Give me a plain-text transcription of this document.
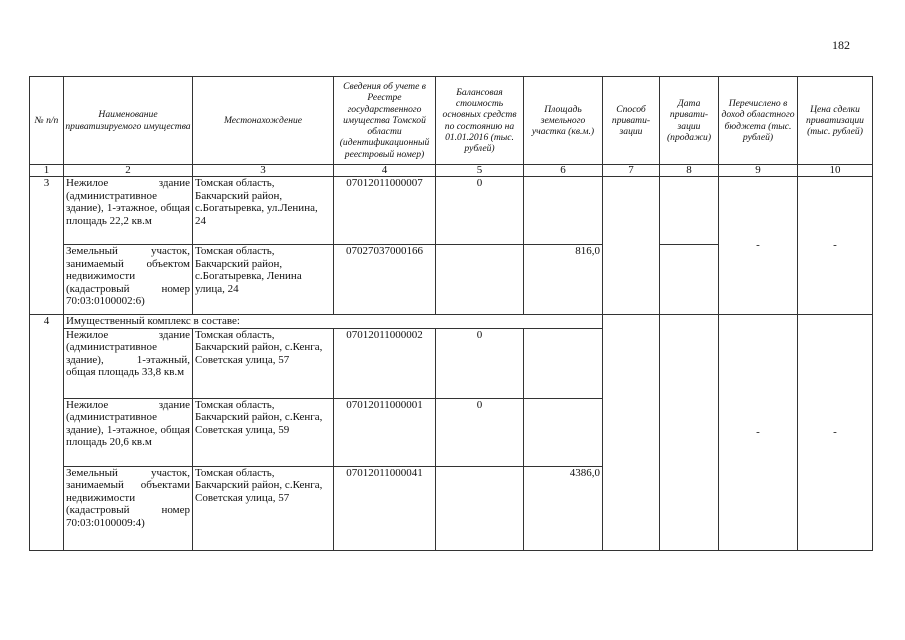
182
№ п/п	Наименование приватизируемого имущества	Местонахождение	Сведения об учете в Реестре государственного имущества Томской области (идентификационный реестровый номер)	Балансовая стоимость основных средств по состоянию на 01.01.2016 (тыс. рублей)	Площадь земельного участка (кв.м.)	Способ привати-зации	Дата привати-зации (продажи)	Перечислено в доход областного бюджета (тыс. рублей)	Цена сделки приватизации (тыс. рублей)
1	2	3	4	5	6	7	8	9	10
3	Нежилое здание (административное здание), 1-этажное, общая площадь 22,2 кв.м	Томская область, Бакчарский район, с.Богатыревка, ул.Ленина, 24	07012011000007	0				-	-
	Земельный участок, занимаемый объектом недвижимости (кадастровый номер 70:03:0100002:6)	Томская область, Бакчарский район, с.Богатыревка, Ленина улица, 24	07027037000166		816,0				
4	Имущественный комплекс в составе:							-	-
	Нежилое здание (административное здание), 1-этажный, общая площадь 33,8 кв.м	Томская область, Бакчарский район, с.Кенга, Советская улица, 57	07012011000002	0					
	Нежилое здание (административное здание), 1-этажное, общая площадь 20,6 кв.м	Томская область, Бакчарский район, с.Кенга, Советская улица, 59	07012011000001	0					
	Земельный участок, занимаемый объектами недвижимости (кадастровый номер 70:03:0100009:4)	Томская область, Бакчарский район, с.Кенга, Советская улица, 57	07012011000041		4386,0				
